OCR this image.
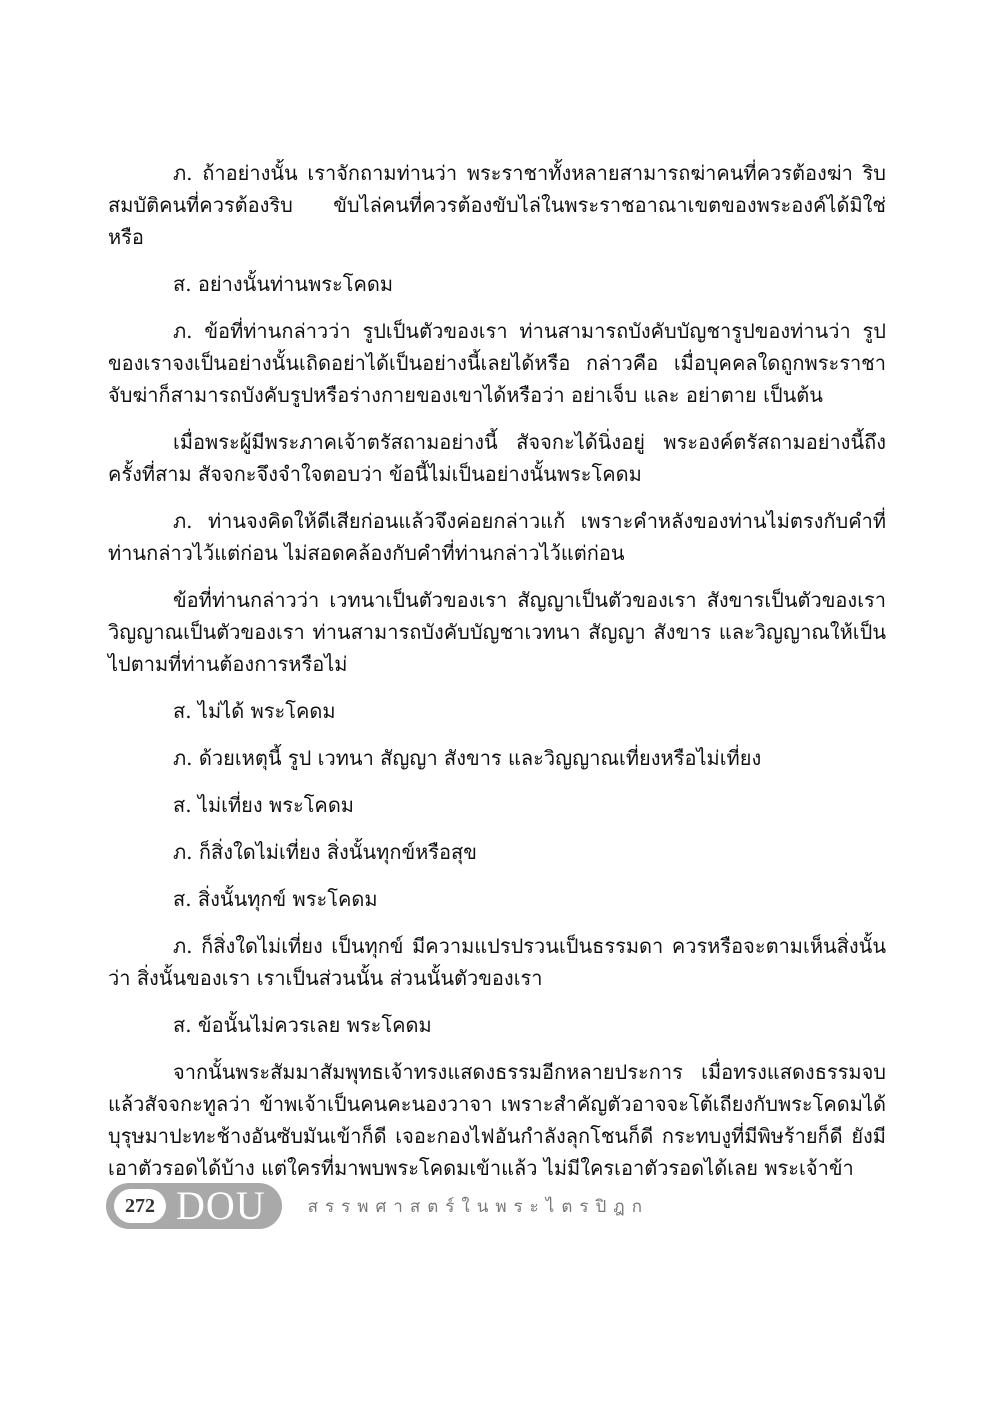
ภ. ถ้าอย่างนั้น เราจักถามท่านว่า พระราชาทั้งหลายสามารถฆ่าคนที่ควรต้องฆ่า ริบสมบัติคนที่ควรต้องริบ ขับไล่คนที่ควรต้องขับไล่ในพระราชอาณาเขตของพระองค์ได้มิใช่หรือ

ส. อย่างนั้นท่านพระโคดม

ภ. ข้อที่ท่านกล่าวว่า รูปเป็นตัวของเรา ท่านสามารถบังคับบัญชารูปของท่านว่า รูปของเราจงเป็นอย่างนั้นเถิดอย่าได้เป็นอย่างนี้เลยได้หรือ กล่าวคือ เมื่อบุคคลใดถูกพระราชาจับฆ่าก็สามารถบังคับรูปหรือร่างกายของเขาได้หรือว่า อย่าเจ็บ และ อย่าตาย เป็นต้น

เมื่อพระผู้มีพระภาคเจ้าตรัสถามอย่างนี้ สัจจกะได้นิ่งอยู่ พระองค์ตรัสถามอย่างนี้ถึงครั้งที่สาม สัจจกะจึงจำใจตอบว่า ข้อนี้ไม่เป็นอย่างนั้นพระโคดม

ภ. ท่านจงคิดให้ดีเสียก่อนแล้วจึงค่อยกล่าวแก้ เพราะคำหลังของท่านไม่ตรงกับคำที่ท่านกล่าวไว้แต่ก่อน ไม่สอดคล้องกับคำที่ท่านกล่าวไว้แต่ก่อน

ข้อที่ท่านกล่าวว่า เวทนาเป็นตัวของเรา สัญญาเป็นตัวของเรา สังขารเป็นตัวของเรา วิญญาณเป็นตัวของเรา ท่านสามารถบังคับบัญชาเวทนา สัญญา สังขาร และวิญญาณให้เป็นไปตามที่ท่านต้องการหรือไม่

ส. ไม่ได้ พระโคดม

ภ. ด้วยเหตุนี้ รูป เวทนา สัญญา สังขาร และวิญญาณเที่ยงหรือไม่เที่ยง

ส. ไม่เที่ยง พระโคดม

ภ. ก็สิ่งใดไม่เที่ยง สิ่งนั้นทุกข์หรือสุข

ส. สิ่งนั้นทุกข์ พระโคดม

ภ. ก็สิ่งใดไม่เที่ยง เป็นทุกข์ มีความแปรปรวนเป็นธรรมดา ควรหรือจะตามเห็นสิ่งนั้นว่า สิ่งนั้นของเรา เราเป็นส่วนนั้น ส่วนนั้นตัวของเรา

ส. ข้อนั้นไม่ควรเลย พระโคดม

จากนั้นพระสัมมาสัมพุทธเจ้าทรงแสดงธรรมอีกหลายประการ เมื่อทรงแสดงธรรมจบแล้วสัจจกะทูลว่า ข้าพเจ้าเป็นคนคะนองวาจา เพราะสำคัญตัวอาจจะโต้เถียงกับพระโคดมได้ บุรุษมาปะทะช้างอันซับมันเข้าก็ดี เจอะกองไฟอันกำลังลุกโชนก็ดี กระทบงูที่มีพิษร้ายก็ดี ยังมีเอาตัวรอดได้บ้าง แต่ใครที่มาพบพระโคดมเข้าแล้ว ไม่มีใครเอาตัวรอดได้เลย พระเจ้าข้า

272 DOU สรรพศาสตร์ในพระไตรปิฎก
